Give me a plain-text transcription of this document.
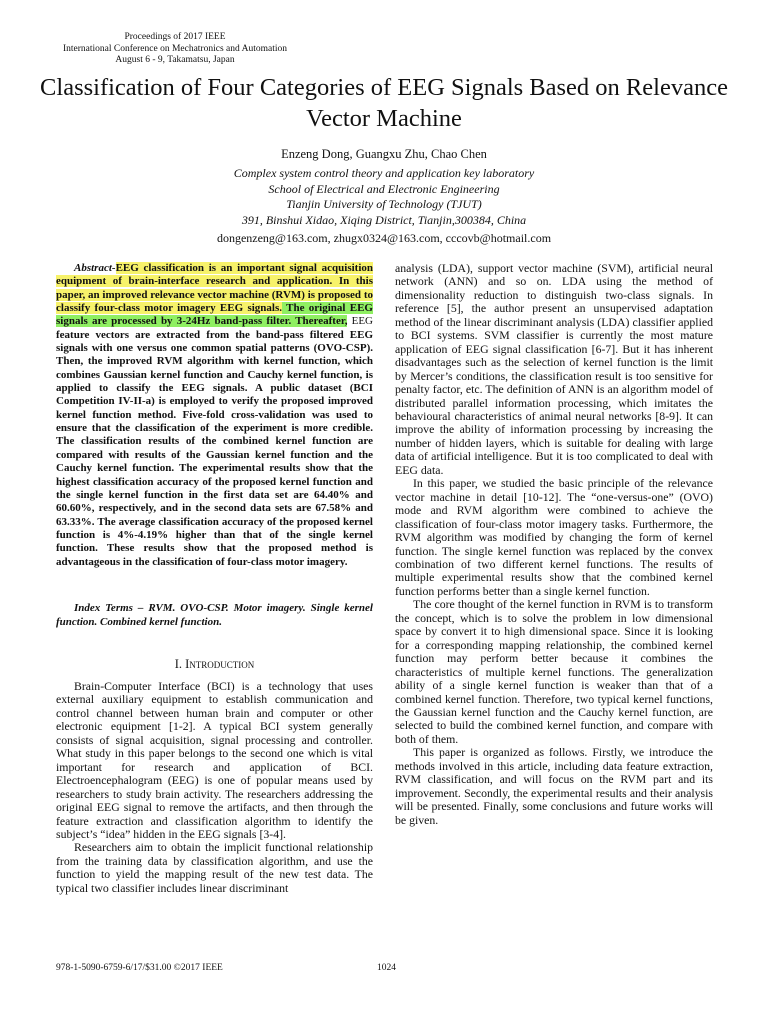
Proceedings of 2017 IEEE
International Conference on Mechatronics and Automation
August 6 - 9, Takamatsu, Japan
Classification of Four Categories of EEG Signals Based on Relevance Vector Machine
Enzeng Dong, Guangxu Zhu, Chao Chen
Complex system control theory and application key laboratory
School of Electrical and Electronic Engineering
Tianjin University of Technology (TJUT)
391, Binshui Xidao, Xiqing District, Tianjin,300384, China
dongenzeng@163.com, zhugx0324@163.com, cccovb@hotmail.com

Abstract-EEG classification is an important signal acquisition equipment of brain-interface research and application. In this paper, an improved relevance vector machine (RVM) is proposed to classify four-class motor imagery EEG signals. The original EEG signals are processed by 3-24Hz band-pass filter. Thereafter, EEG feature vectors are extracted from the band-pass filtered EEG signals with one versus one common spatial patterns (OVO-CSP). Then, the improved RVM algorithm with kernel function, which combines Gaussian kernel function and Cauchy kernel function, is applied to classify the EEG signals. A public dataset (BCI Competition IV-II-a) is employed to verify the proposed improved kernel function method. Five-fold cross-validation was used to ensure that the classification of the experiment is more credible. The classification results of the combined kernel function are compared with results of the Gaussian kernel function and the Cauchy kernel function. The experimental results show that the highest classification accuracy of the proposed kernel function and the single kernel function in the first data set are 64.40% and 60.60%, respectively, and in the second data sets are 67.58% and 63.33%. The average classification accuracy of the proposed kernel function is 4%-4.19% higher than that of the single kernel function. These results show that the proposed method is advantageous in the classification of four-class motor imagery.

Index Terms – RVM. OVO-CSP. Motor imagery. Single kernel function. Combined kernel function.

I. Introduction

Brain-Computer Interface (BCI) is a technology that uses external auxiliary equipment to establish communication and control channel between human brain and computer or other electronic equipment [1-2]. A typical BCI system generally consists of signal acquisition, signal processing and controller. What study in this paper belongs to the second one which is vital important for research and application of BCI. Electroencephalogram (EEG) is one of popular means used by researchers to study brain activity. The researchers addressing the original EEG signal to remove the artifacts, and then through the feature extraction and classification algorithm to identify the subject’s “idea” hidden in the EEG signals [3-4].

Researchers aim to obtain the implicit functional relationship from the training data by classification algorithm, and use the function to yield the mapping result of the new test data. The typical two classifier includes linear discriminant

analysis (LDA), support vector machine (SVM), artificial neural network (ANN) and so on. LDA using the method of dimensionality reduction to distinguish two-class signals. In reference [5], the author present an unsupervised adaptation method of the linear discriminant analysis (LDA) classifier applied to BCI systems. SVM classifier is currently the most mature application of EEG signal classification [6-7]. But it has inherent disadvantages such as the selection of kernel function is the limit by Mercer’s conditions, the classification result is too sensitive for penalty factor, etc. The definition of ANN is an algorithm model of distributed parallel information processing, which imitates the behavioural characteristics of animal neural networks [8-9]. It can improve the ability of information processing by increasing the number of hidden layers, which is suitable for dealing with large data of artificial intelligence. But it is too complicated to deal with EEG data.

In this paper, we studied the basic principle of the relevance vector machine in detail [10-12]. The “one-versus-one” (OVO) mode and RVM algorithm were combined to achieve the classification of four-class motor imagery tasks. Furthermore, the RVM algorithm was modified by changing the form of kernel function. The single kernel function was replaced by the convex combination of two different kernel functions. The results of multiple experimental results show that the combined kernel function performs better than a single kernel function.

The core thought of the kernel function in RVM is to transform the concept, which is to solve the problem in low dimensional space by convert it to high dimensional space. Since it is looking for a corresponding mapping relationship, the combined kernel function may perform better because it combines the characteristics of multiple kernel functions. The generalization ability of a single kernel function is weaker than that of a combined kernel function. Therefore, two typical kernel functions, the Gaussian kernel function and the Cauchy kernel function, are selected to build the combined kernel function, and compare with both of them.

This paper is organized as follows. Firstly, we introduce the methods involved in this article, including data feature extraction, RVM classification, and will focus on the RVM part and its improvement. Secondly, the experimental results and their analysis will be presented. Finally, some conclusions and future works will be given.

978-1-5090-6759-6/17/$31.00 ©2017 IEEE	1024
